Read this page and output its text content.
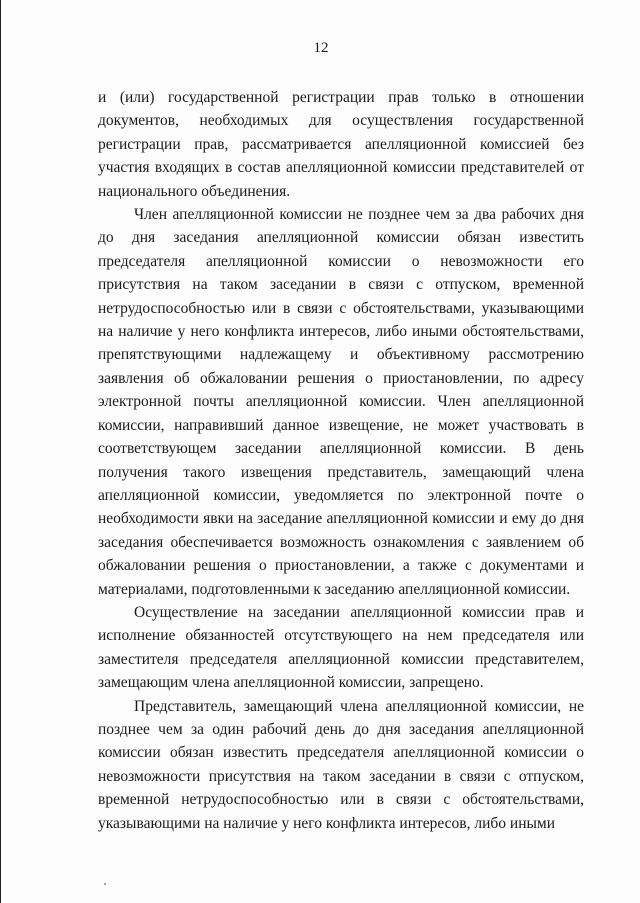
12

и (или) государственной регистрации прав только в отношении документов, необходимых для осуществления государственной регистрации прав, рассматривается апелляционной комиссией без участия входящих в состав апелляционной комиссии представителей от национального объединения.

Член апелляционной комиссии не позднее чем за два рабочих дня до дня заседания апелляционной комиссии обязан известить председателя апелляционной комиссии о невозможности его присутствия на таком заседании в связи с отпуском, временной нетрудоспособностью или в связи с обстоятельствами, указывающими на наличие у него конфликта интересов, либо иными обстоятельствами, препятствующими надлежащему и объективному рассмотрению заявления об обжаловании решения о приостановлении, по адресу электронной почты апелляционной комиссии. Член апелляционной комиссии, направивший данное извещение, не может участвовать в соответствующем заседании апелляционной комиссии. В день получения такого извещения представитель, замещающий члена апелляционной комиссии, уведомляется по электронной почте о необходимости явки на заседание апелляционной комиссии и ему до дня заседания обеспечивается возможность ознакомления с заявлением об обжаловании решения о приостановлении, а также с документами и материалами, подготовленными к заседанию апелляционной комиссии.

Осуществление на заседании апелляционной комиссии прав и исполнение обязанностей отсутствующего на нем председателя или заместителя председателя апелляционной комиссии представителем, замещающим члена апелляционной комиссии, запрещено.

Представитель, замещающий члена апелляционной комиссии, не позднее чем за один рабочий день до дня заседания апелляционной комиссии обязан известить председателя апелляционной комиссии о невозможности присутствия на таком заседании в связи с отпуском, временной нетрудоспособностью или в связи с обстоятельствами, указывающими на наличие у него конфликта интересов, либо иными
